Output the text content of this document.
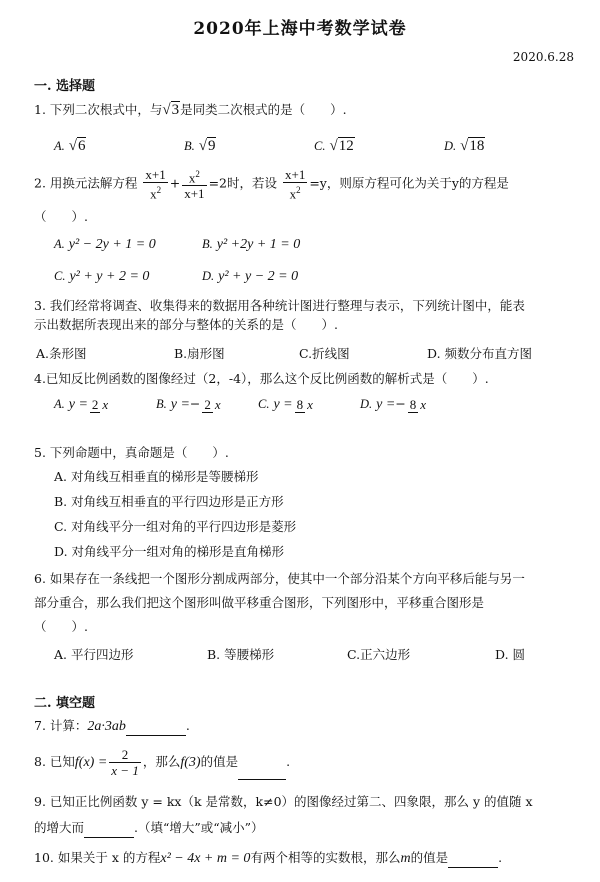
2020年上海中考数学试卷
2020.6.28
一. 选择题
1. 下列二次根式中，与√3是同类二次根式的是（　　）.
A. √6	B. √9	C. √12	D. √18
2. 用换元法解方程 $\frac{x+1}{x^2} + \frac{x^2}{x+1} =2$时，若设 $\frac{x+1}{x^2} =y$，则原方程可化为关于y的方程是
（　　）.
A. y² − 2y + 1 = 0	B. y² +2y + 1 = 0
C. y² + y + 2 = 0	D. y² + y − 2 = 0
3. 我们经常将调查、收集得来的数据用各种统计图进行整理与表示，下列统计图中，能表
示出数据所表现出来的部分与整体的关系的是（　　）.
A.条形图	B.扇形图	C.折线图	D. 频数分布直方图
4.已知反比例函数的图像经过（2，-4），那么这个反比例函数的解析式是（　　）.
A. y = 2 x	B. y =− 2 x	C. y = 8 x	D. y =− 8 x
5. 下列命题中，真命题是（　　）.
A. 对角线互相垂直的梯形是等腰梯形
B. 对角线互相垂直的平行四边形是正方形
C. 对角线平分一组对角的平行四边形是菱形
D. 对角线平分一组对角的梯形是直角梯形
6. 如果存在一条线把一个图形分割成两部分，使其中一个部分沿某个方向平移后能与另一
部分重合，那么我们把这个图形叫做平移重合图形，下列图形中，平移重合图形是
（　　）.
A. 平行四边形	B. 等腰梯形	C.正六边形	D. 圆
二. 填空题
7. 计算：2a·3ab	.
8. 已知$f(x) = \frac{2}{x - 1}$ ，那么f(3)的值是	.
9. 已知正比例函数 y = kx（k 是常数，k≠0）的图像经过第二、四象限，那么 y 的值随 x
的增大而	.（填“增大”或“减小”）
10. 如果关于 x 的方程x² − 4x + m = 0有两个相等的实数根，那么m的值是	.
